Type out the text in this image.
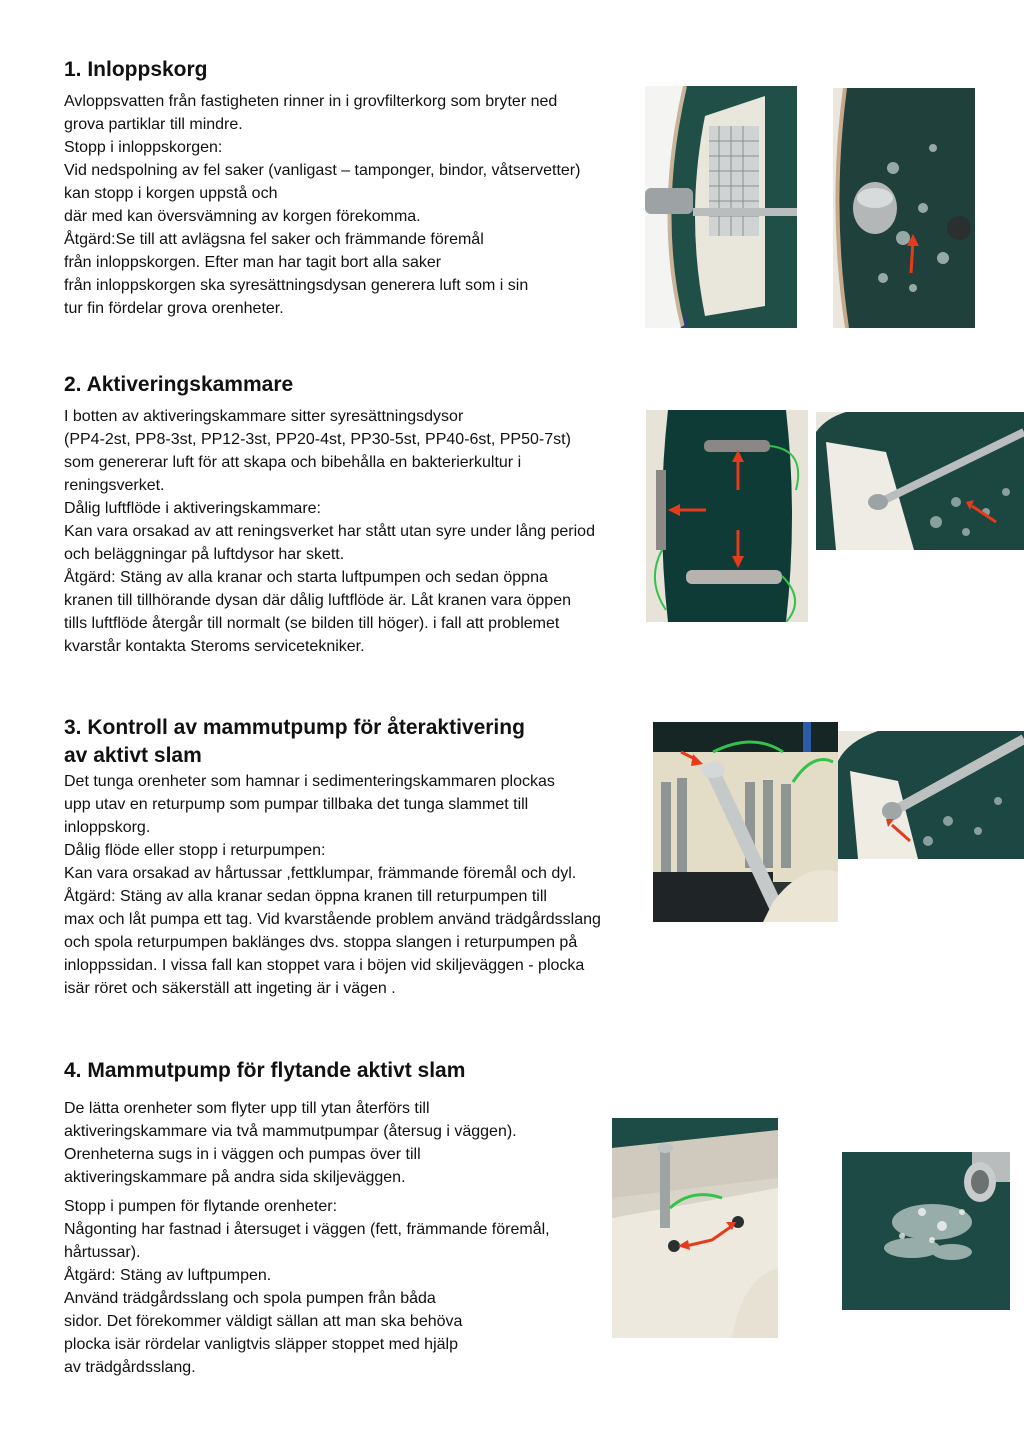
1. Inloppskorg
Avloppsvatten från fastigheten rinner in i grovfilterkorg som bryter ned
grova partiklar till mindre.
Stopp i inloppskorgen:
Vid nedspolning av fel saker (vanligast – tamponger, bindor, våtservetter)
kan stopp i korgen uppstå och
där med kan översvämning av korgen förekomma.
Åtgärd:Se till att avlägsna fel saker och främmande föremål
från inloppskorgen. Efter man har tagit bort alla saker
från inloppskorgen ska syresättningsdysan generera luft som i sin
tur fin fördelar grova orenheter.
2. Aktiveringskammare
I botten av aktiveringskammare sitter syresättningsdysor
(PP4-2st, PP8-3st, PP12-3st, PP20-4st, PP30-5st, PP40-6st, PP50-7st)
som genererar luft för att skapa och bibehålla en bakterierkultur i
reningsverket.
Dålig luftflöde i aktiveringskammare:
Kan vara orsakad av att reningsverket har stått utan syre under lång period
och beläggningar på luftdysor har skett.
Åtgärd: Stäng av alla kranar och starta luftpumpen och sedan öppna
kranen till tillhörande dysan där dålig luftflöde är. Låt kranen vara öppen
tills luftflöde återgår till normalt (se bilden till höger). i fall att problemet
kvarstår kontakta Steroms servicetekniker.
3. Kontroll av mammutpump för återaktivering
av aktivt slam
Det tunga orenheter som hamnar i sedimenteringskammaren plockas
upp utav en returpump som pumpar tillbaka det tunga slammet till
inloppskorg.
Dålig flöde eller stopp i returpumpen:
Kan vara orsakad av hårtussar ,fettklumpar, främmande föremål och dyl.
Åtgärd: Stäng av alla kranar sedan öppna kranen till returpumpen till
max och låt pumpa ett tag. Vid kvarstående problem använd trädgårdsslang
och spola returpumpen baklänges dvs. stoppa slangen i returpumpen på
inloppssidan. I vissa fall kan stoppet vara i böjen vid skiljeväggen - plocka
isär röret och säkerställ att ingeting är i vägen .
4. Mammutpump för flytande aktivt slam
De lätta orenheter som flyter upp till ytan återförs till
aktiveringskammare via två mammutpumpar (återsug i väggen).
Orenheterna sugs in i väggen och pumpas över till
aktiveringskammare på andra sida skiljeväggen.
Stopp i pumpen för flytande orenheter:
Någonting har fastnad i återsuget i väggen (fett, främmande föremål,
hårtussar).
Åtgärd: Stäng av luftpumpen.
Använd trädgårdsslang och spola pumpen från båda
sidor. Det förekommer väldigt sällan att man ska behöva
plocka isär rördelar vanligtvis släpper stoppet med hjälp
av trädgårdsslang.
